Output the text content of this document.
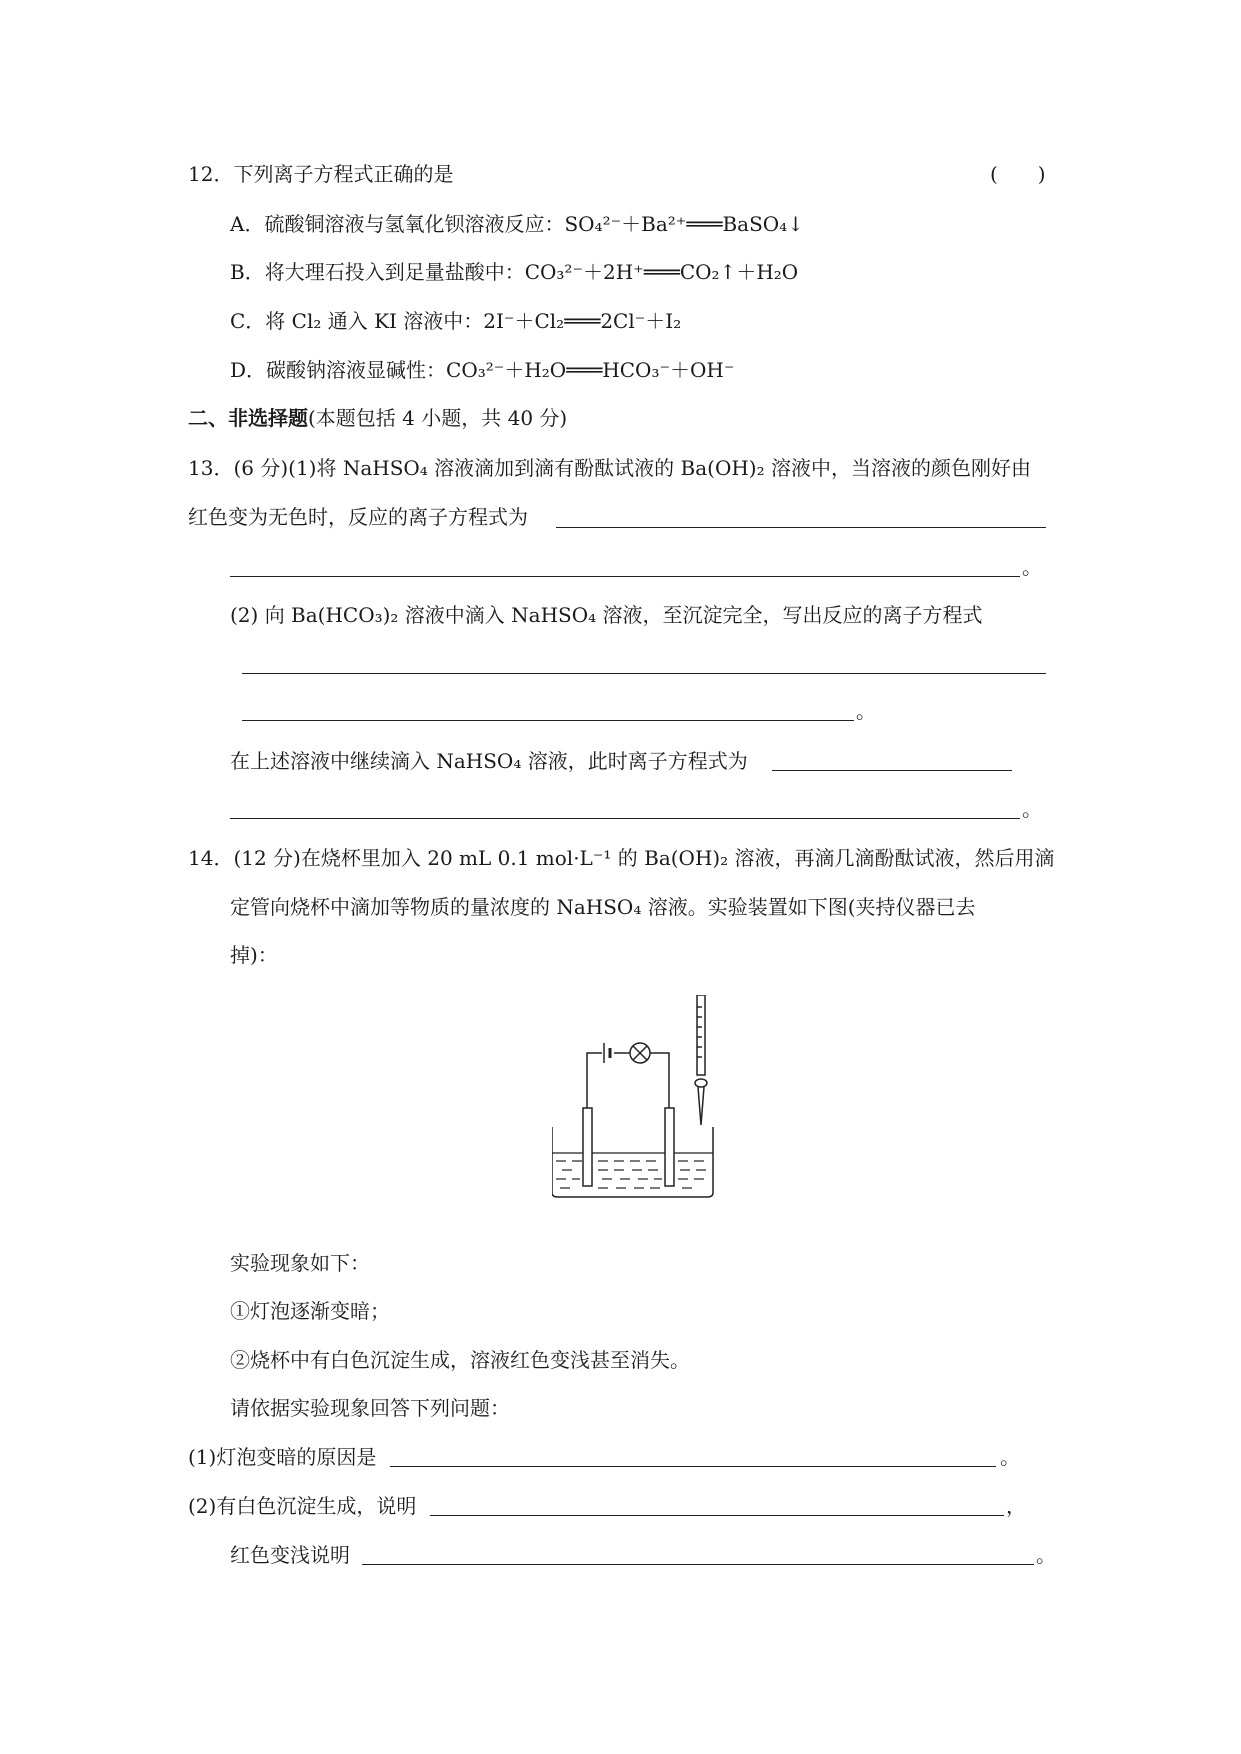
12．下列离子方程式正确的是	(　　)
A．硫酸铜溶液与氢氧化钡溶液反应：SO₄²⁻＋Ba²⁺═══BaSO₄↓
B．将大理石投入到足量盐酸中：CO₃²⁻＋2H⁺═══CO₂↑＋H₂O
C．将 Cl₂ 通入 KI 溶液中：2I⁻＋Cl₂═══2Cl⁻＋I₂
D．碳酸钠溶液显碱性：CO₃²⁻＋H₂O═══HCO₃⁻＋OH⁻
二、非选择题(本题包括 4 小题，共 40 分)
13．(6 分)(1)将 NaHSO₄ 溶液滴加到滴有酚酞试液的 Ba(OH)₂ 溶液中，当溶液的颜色刚好由
红色变为无色时，反应的离子方程式为
。
(2) 向 Ba(HCO₃)₂ 溶液中滴入 NaHSO₄ 溶液，至沉淀完全，写出反应的离子方程式
。
在上述溶液中继续滴入 NaHSO₄ 溶液，此时离子方程式为
。
14．(12 分)在烧杯里加入 20 mL 0.1 mol·L⁻¹ 的 Ba(OH)₂ 溶液，再滴几滴酚酞试液，然后用滴
定管向烧杯中滴加等物质的量浓度的 NaHSO₄ 溶液。实验装置如下图(夹持仪器已去
掉)：
实验现象如下：
①灯泡逐渐变暗；
②烧杯中有白色沉淀生成，溶液红色变浅甚至消失。
请依据实验现象回答下列问题：
(1)灯泡变暗的原因是	。
(2)有白色沉淀生成，说明	，
红色变浅说明	。
